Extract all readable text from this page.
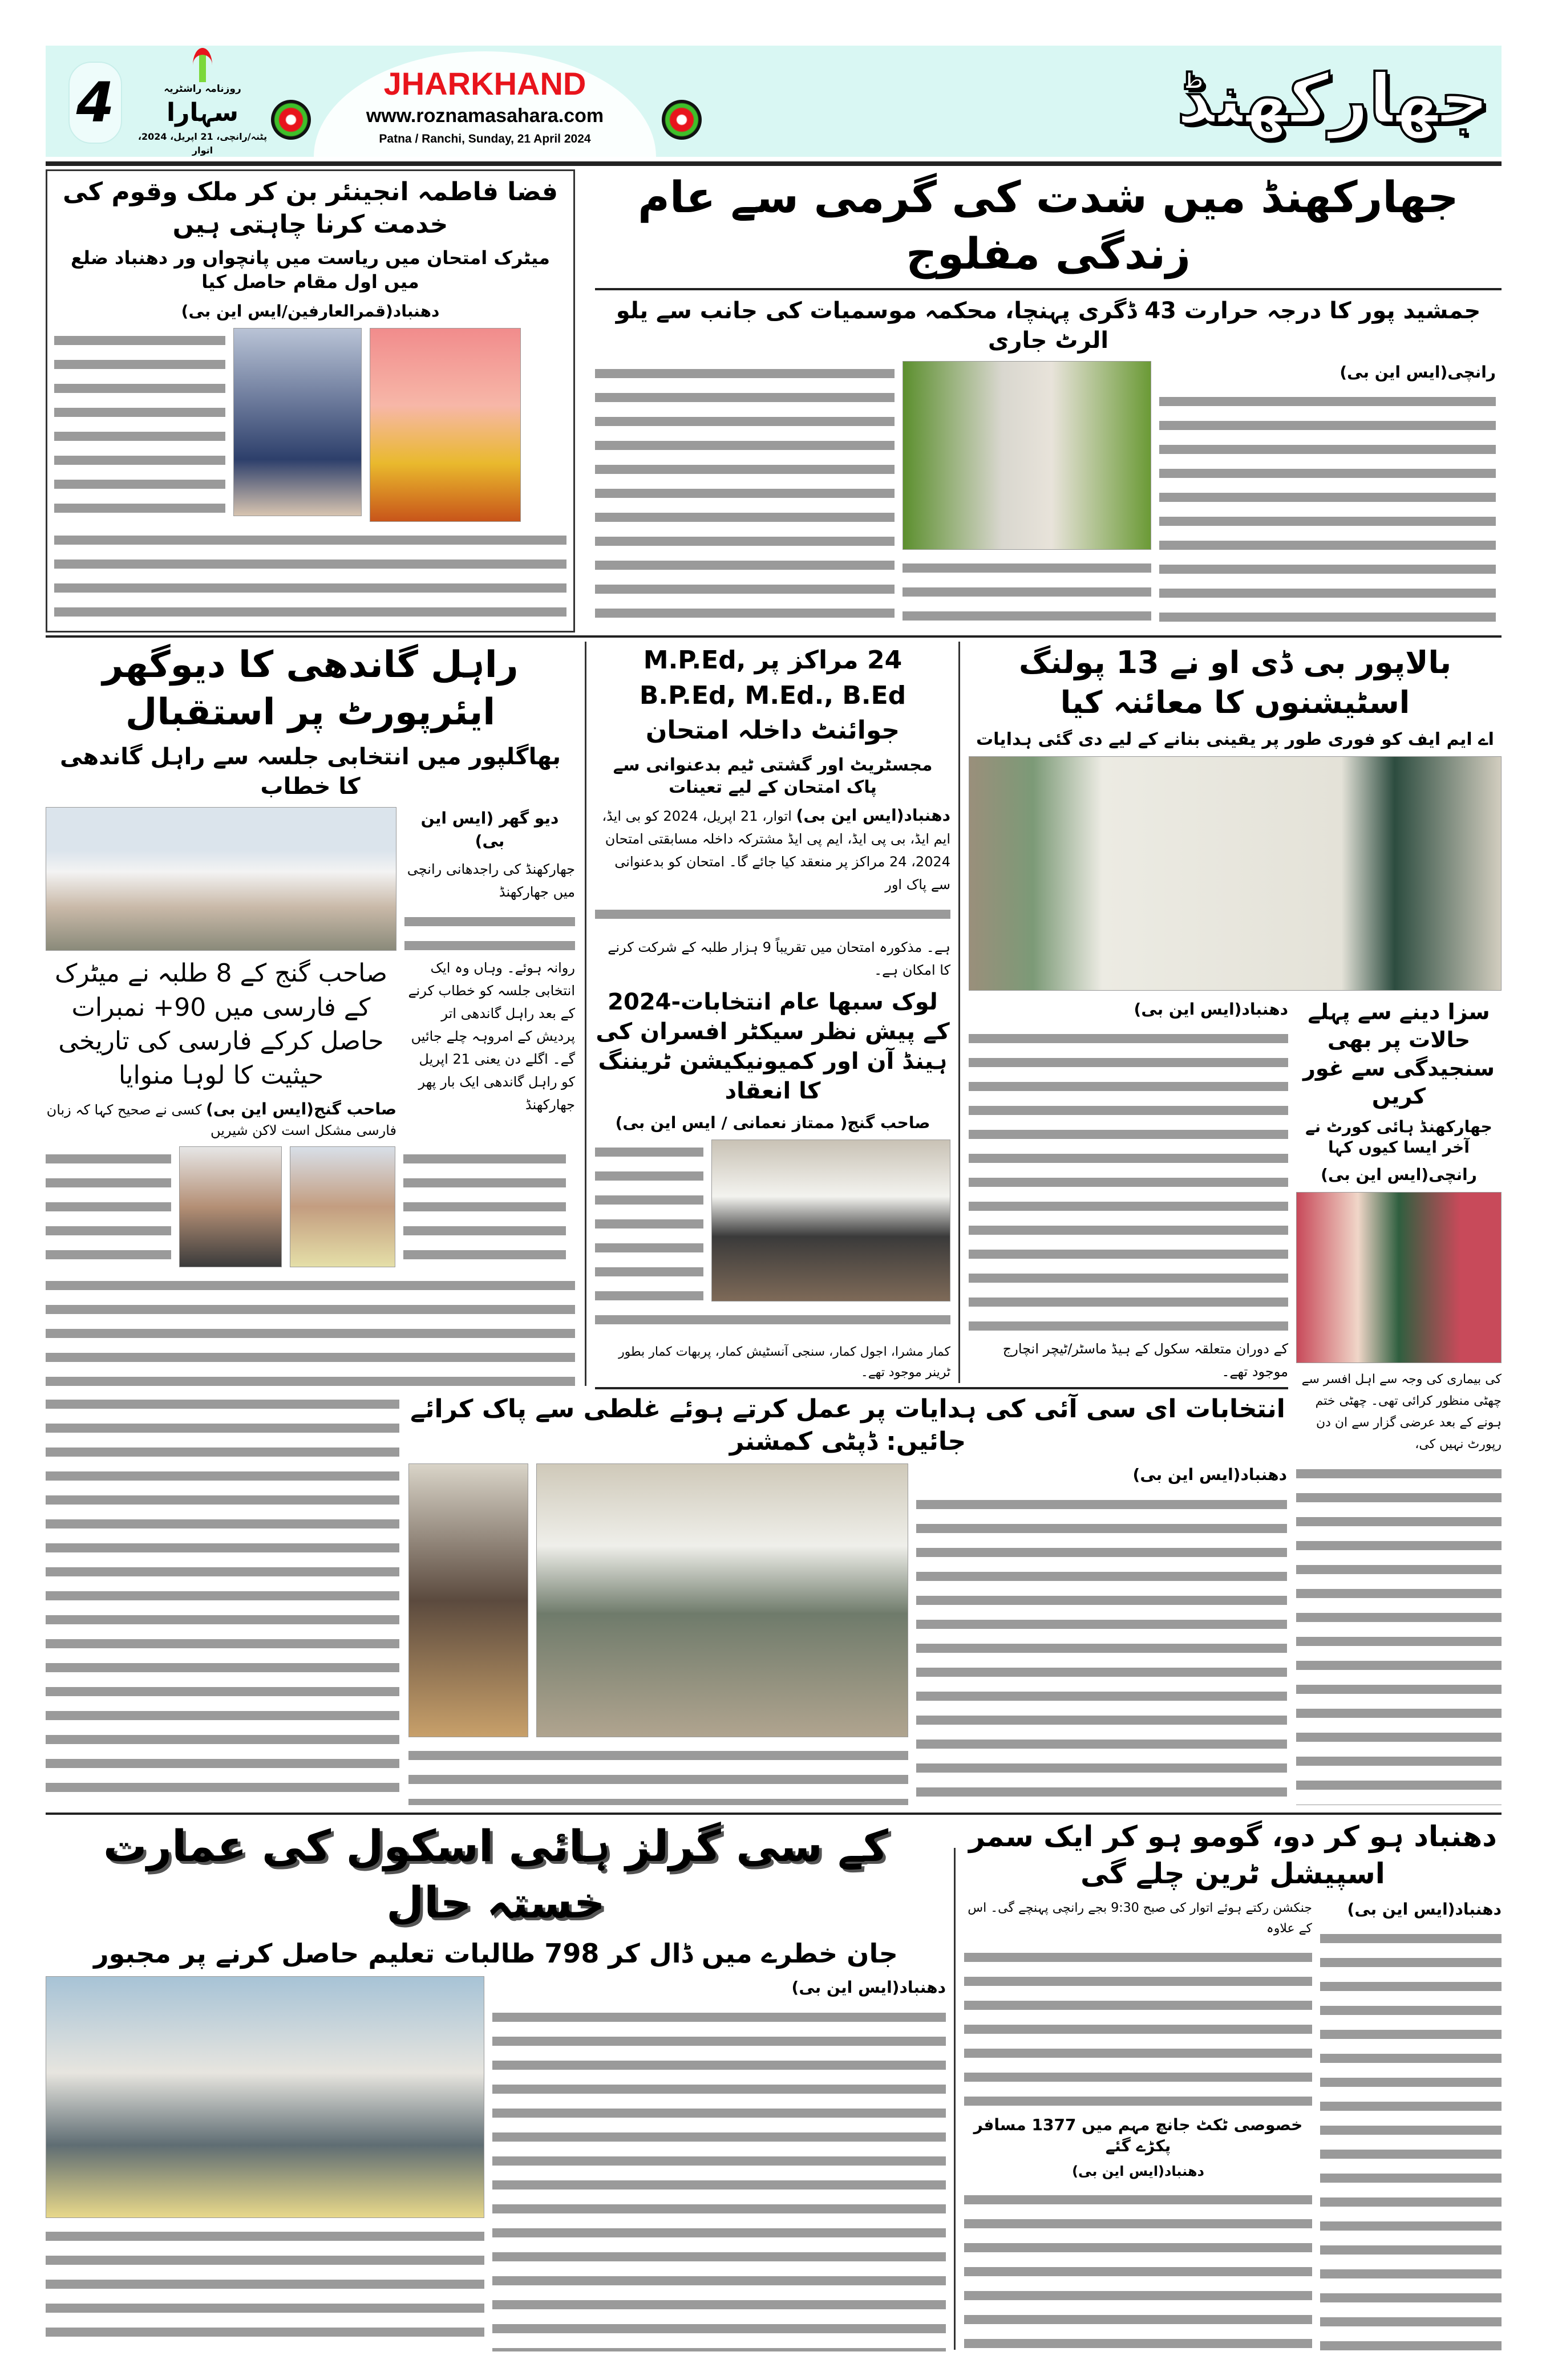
4	روزنامہ راشٹریہ
سہارا
پٹنہ/رانچی، 21 اپریل، 2024، اتوار
JHARKHAND
www.roznamasahara.com
Patna / Ranchi, Sunday, 21 April 2024	جھارکھنڈ
فضا فاطمہ انجینئر بن کر ملک وقوم کی خدمت کرنا چاہتی ہیں
میٹرک امتحان میں ریاست میں پانچواں ور دھنباد ضلع میں اول مقام حاصل کیا
دھنباد(قمرالعارفین/ایس این بی)
جھارکھنڈ میں شدت کی گرمی سے عام زندگی مفلوج
جمشید پور کا درجہ حرارت 43 ڈگری پہنچا، محکمہ موسمیات کی جانب سے یلو الرٹ جاری
رانچی(ایس این بی)
راہل گاندھی کا دیوگھر ایئرپورٹ پر استقبال
بھاگلپور میں انتخابی جلسہ سے راہل گاندھی کا خطاب
دیو گھر (ایس این بی)
جھارکھنڈ کی راجدھانی رانچی میں جھارکھنڈ
صاحب گنج کے 8 طلبہ نے میٹرک کے فارسی میں 90+ نمبرات حاصل کرکے فارسی کی تاریخی حیثیت کا لوہا منوایا
صاحب گنج(ایس این بی) کسی نے صحیح کہا کہ زبان فارسی مشکل است لاکن شیریں
روانہ ہوئے۔ وہاں وہ ایک انتخابی جلسہ کو خطاب کرنے کے بعد راہل گاندھی اتر پردیش کے امروہہ چلے جائیں گے۔ اگلے دن یعنی 21 اپریل کو راہل گاندھی ایک بار پھر جھارکھنڈ
24 مراکز پر M.P.Ed, B.P.Ed, M.Ed., B.Ed جوائنٹ داخلہ امتحان
مجسٹریٹ اور گشتی ٹیم بدعنوانی سے پاک امتحان کے لیے تعینات
دھنباد(ایس این بی) اتوار، 21 اپریل، 2024 کو بی ایڈ، ایم ایڈ، بی پی ایڈ، ایم پی ایڈ مشترکہ داخلہ مسابقتی امتحان 2024، 24 مراکز پر منعقد کیا جائے گا۔ امتحان کو بدعنوانی سے پاک اور
ہے۔ مذکورہ امتحان میں تقریباً 9 ہزار طلبہ کے شرکت کرنے کا امکان ہے۔
لوک سبھا عام انتخابات-2024 کے پیش نظر سیکٹر افسران کی ہینڈ آن اور کمیونیکیشن ٹریننگ کا انعقاد
صاحب گنج( ممتاز نعمانی / ایس این بی)
کمار مشرا، اجول کمار، سنجی آنسٹیش کمار، پربھات کمار بطور ٹرینر موجود تھے۔
بالاپور بی ڈی او نے 13 پولنگ اسٹیشنوں کا معائنہ کیا
اے ایم ایف کو فوری طور پر یقینی بنانے کے لیے دی گئی ہدایات
دھنباد(ایس این بی)
کے دوران متعلقہ سکول کے ہیڈ ماسٹر/ٹیچر انچارج موجود تھے۔
سزا دینے سے پہلے حالات پر بھی سنجیدگی سے غور کریں
جھارکھنڈ ہائی کورٹ نے آخر ایسا کیوں کہا
رانچی(ایس این بی)
کی بیماری کی وجہ سے اہل افسر سے چھٹی منظور کرائی تھی۔ چھٹی ختم ہونے کے بعد عرضی گزار سے ان دن رپورٹ نہیں کی،
انتخابات ای سی آئی کی ہدایات پر عمل کرتے ہوئے غلطی سے پاک کرائے جائیں: ڈپٹی کمشنر
دھنباد(ایس این بی)
کے سی گرلز ہائی اسکول کی عمارت خستہ حال
جان خطرے میں ڈال کر 798 طالبات تعلیم حاصل کرنے پر مجبور
دھنباد(ایس این بی)
دھنباد ہو کر دو، گومو ہو کر ایک سمر اسپیشل ٹرین چلے گی
جنکشن رکتے ہوئے اتوار کی صبح 9:30 بجے رانچی پہنچے گی۔ اس کے علاوہ
خصوصی ٹکٹ جانچ مہم میں 1377 مسافر پکڑے گئے
دھنباد(ایس این بی)
دھنباد(ایس این بی)
